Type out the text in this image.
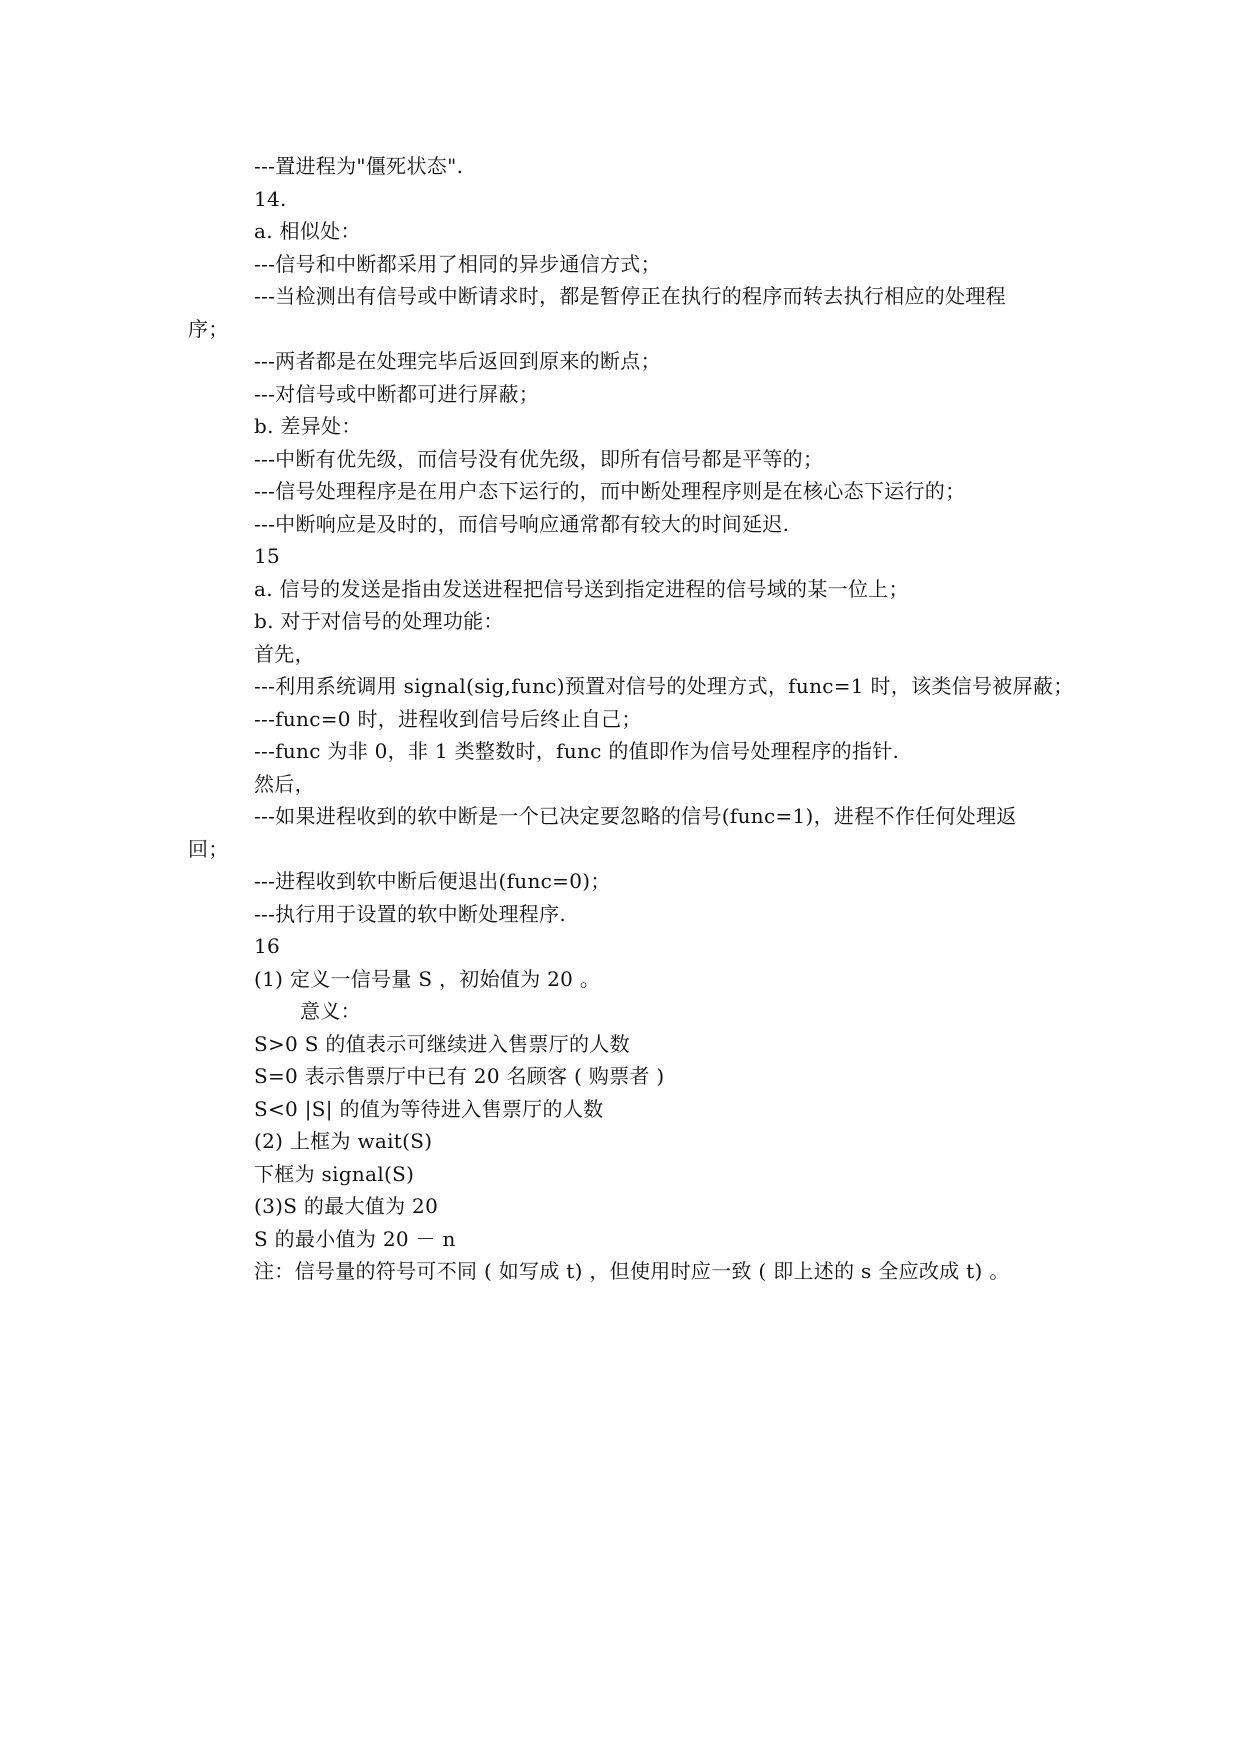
---置进程为"僵死状态".
14.
a. 相似处：
---信号和中断都采用了相同的异步通信方式；
---当检测出有信号或中断请求时，都是暂停正在执行的程序而转去执行相应的处理程
序；
---两者都是在处理完毕后返回到原来的断点；
---对信号或中断都可进行屏蔽；
b. 差异处：
---中断有优先级，而信号没有优先级，即所有信号都是平等的；
---信号处理程序是在用户态下运行的，而中断处理程序则是在核心态下运行的；
---中断响应是及时的，而信号响应通常都有较大的时间延迟.
15
a. 信号的发送是指由发送进程把信号送到指定进程的信号域的某一位上；
b. 对于对信号的处理功能：
首先，
---利用系统调用 signal(sig,func)预置对信号的处理方式，func=1 时，该类信号被屏蔽；
---func=0 时，进程收到信号后终止自己；
---func 为非 0，非 1 类整数时，func 的值即作为信号处理程序的指针.
然后，
---如果进程收到的软中断是一个已决定要忽略的信号(func=1)，进程不作任何处理返
回；
---进程收到软中断后便退出(func=0)；
---执行用于设置的软中断处理程序.
16
(1) 定义一信号量 S ，初始值为 20 。
意义：
S>0 S 的值表示可继续进入售票厅的人数
S=0 表示售票厅中已有 20 名顾客 ( 购票者 )
S<0 |S| 的值为等待进入售票厅的人数
(2) 上框为 wait(S)
下框为 signal(S)
(3)S 的最大值为 20
S 的最小值为 20 － n
注：信号量的符号可不同 ( 如写成 t) ，但使用时应一致 ( 即上述的 s 全应改成 t) 。
